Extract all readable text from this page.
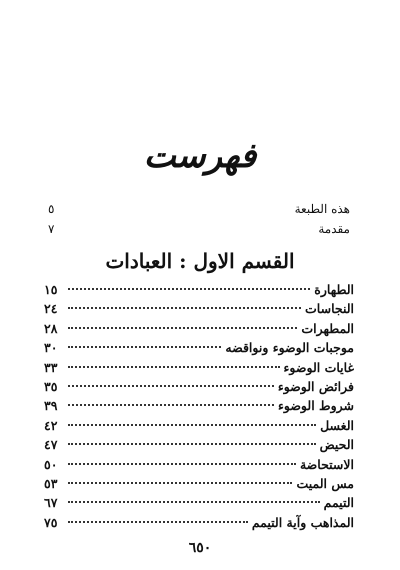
فهرست
هذه الطبعة
٥
مقدمة
٧
القسم الاول : العبادات
الطهارة
١٥
النجاسات
٢٤
المطهرات
٢٨
موجبات الوضوء ونواقضه
٣٠
غايات الوضوء
٣٣
فرائض الوضوء
٣٥
شروط الوضوء
٣٩
الغسل
٤٢
الحيض
٤٧
الاستحاضة
٥٠
مس الميت
٥٣
التيمم
٦٧
المذاهب وآية التيمم
٧٥
٦٥٠
